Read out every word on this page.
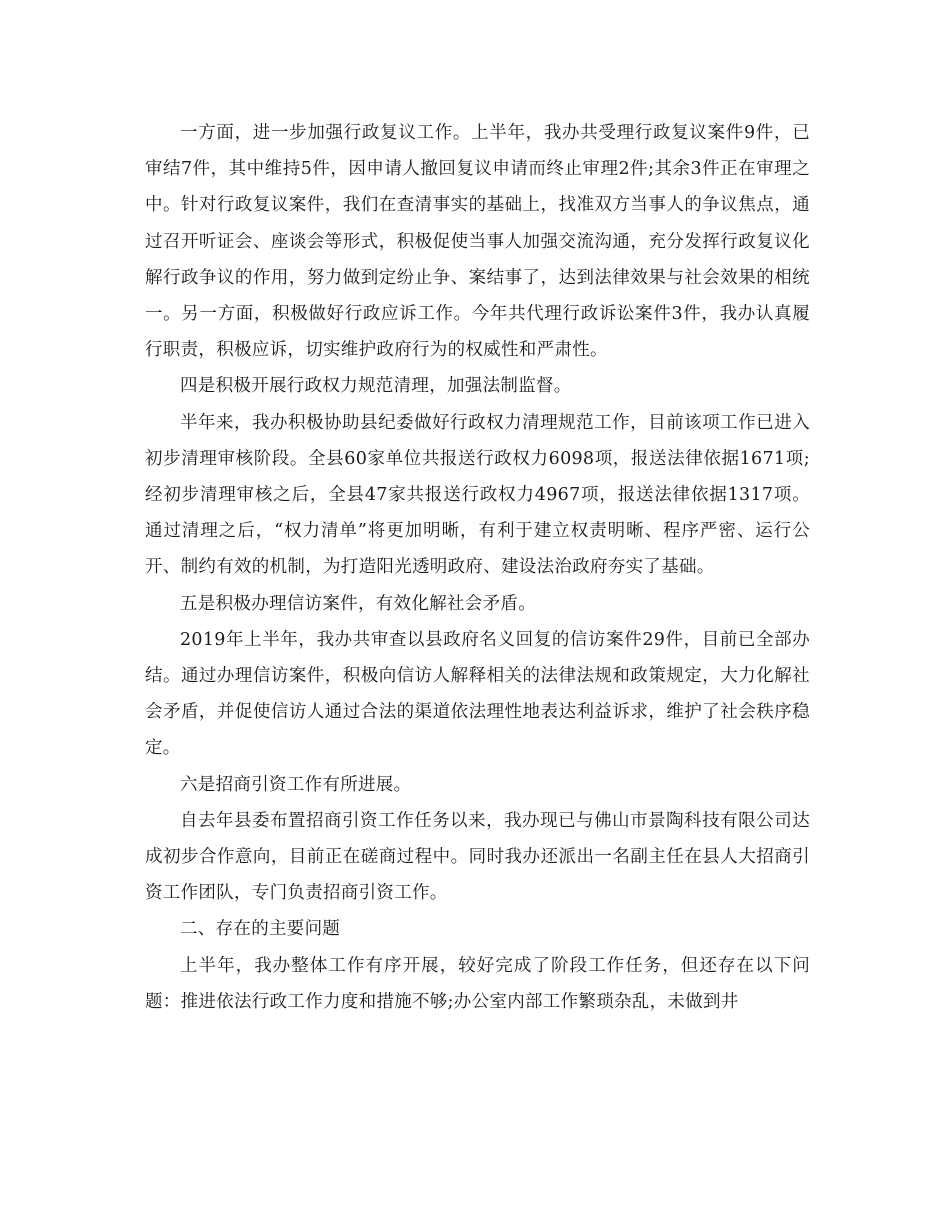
一方面，进一步加强行政复议工作。上半年，我办共受理行政复议案件9件，已审结7件，其中维持5件，因申请人撤回复议申请而终止审理2件;其余3件正在审理之中。针对行政复议案件，我们在查清事实的基础上，找准双方当事人的争议焦点，通过召开听证会、座谈会等形式，积极促使当事人加强交流沟通，充分发挥行政复议化解行政争议的作用，努力做到定纷止争、案结事了，达到法律效果与社会效果的相统一。另一方面，积极做好行政应诉工作。今年共代理行政诉讼案件3件，我办认真履行职责，积极应诉，切实维护政府行为的权威性和严肃性。

四是积极开展行政权力规范清理，加强法制监督。

半年来，我办积极协助县纪委做好行政权力清理规范工作，目前该项工作已进入初步清理审核阶段。全县60家单位共报送行政权力6098项，报送法律依据1671项;经初步清理审核之后，全县47家共报送行政权力4967项，报送法律依据1317项。通过清理之后，“权力清单”将更加明晰，有利于建立权责明晰、程序严密、运行公开、制约有效的机制，为打造阳光透明政府、建设法治政府夯实了基础。

五是积极办理信访案件，有效化解社会矛盾。

2019年上半年，我办共审查以县政府名义回复的信访案件29件，目前已全部办结。通过办理信访案件，积极向信访人解释相关的法律法规和政策规定，大力化解社会矛盾，并促使信访人通过合法的渠道依法理性地表达利益诉求，维护了社会秩序稳定。

六是招商引资工作有所进展。

自去年县委布置招商引资工作任务以来，我办现已与佛山市景陶科技有限公司达成初步合作意向，目前正在磋商过程中。同时我办还派出一名副主任在县人大招商引资工作团队，专门负责招商引资工作。

二、存在的主要问题

上半年，我办整体工作有序开展，较好完成了阶段工作任务，但还存在以下问题：推进依法行政工作力度和措施不够;办公室内部工作繁琐杂乱，未做到井
